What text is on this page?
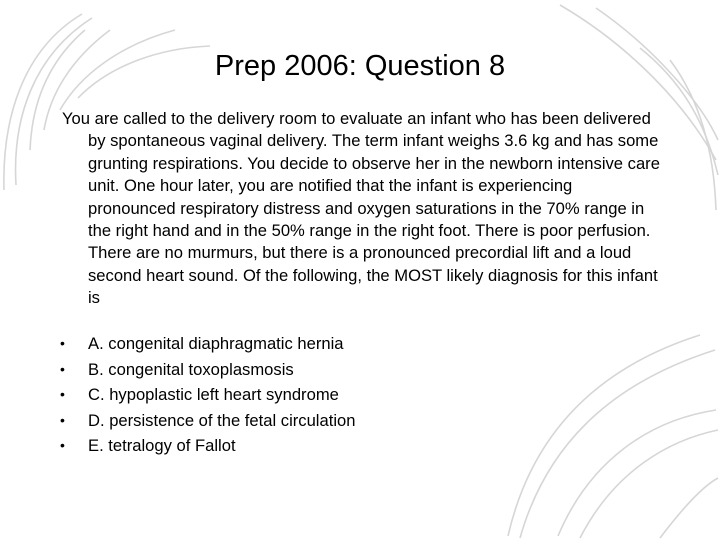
Prep 2006: Question 8

You are called to the delivery room to evaluate an infant who has been delivered by spontaneous vaginal delivery. The term infant weighs 3.6 kg and has some grunting respirations. You decide to observe her in the newborn intensive care unit. One hour later, you are notified that the infant is experiencing pronounced respiratory distress and oxygen saturations in the 70% range in the right hand and in the 50% range in the right foot. There is poor perfusion. There are no murmurs, but there is a pronounced precordial lift and a loud second heart sound. Of the following, the MOST likely diagnosis for this infant is

• A. congenital diaphragmatic hernia
• B. congenital toxoplasmosis
• C. hypoplastic left heart syndrome
• D. persistence of the fetal circulation
• E. tetralogy of Fallot
